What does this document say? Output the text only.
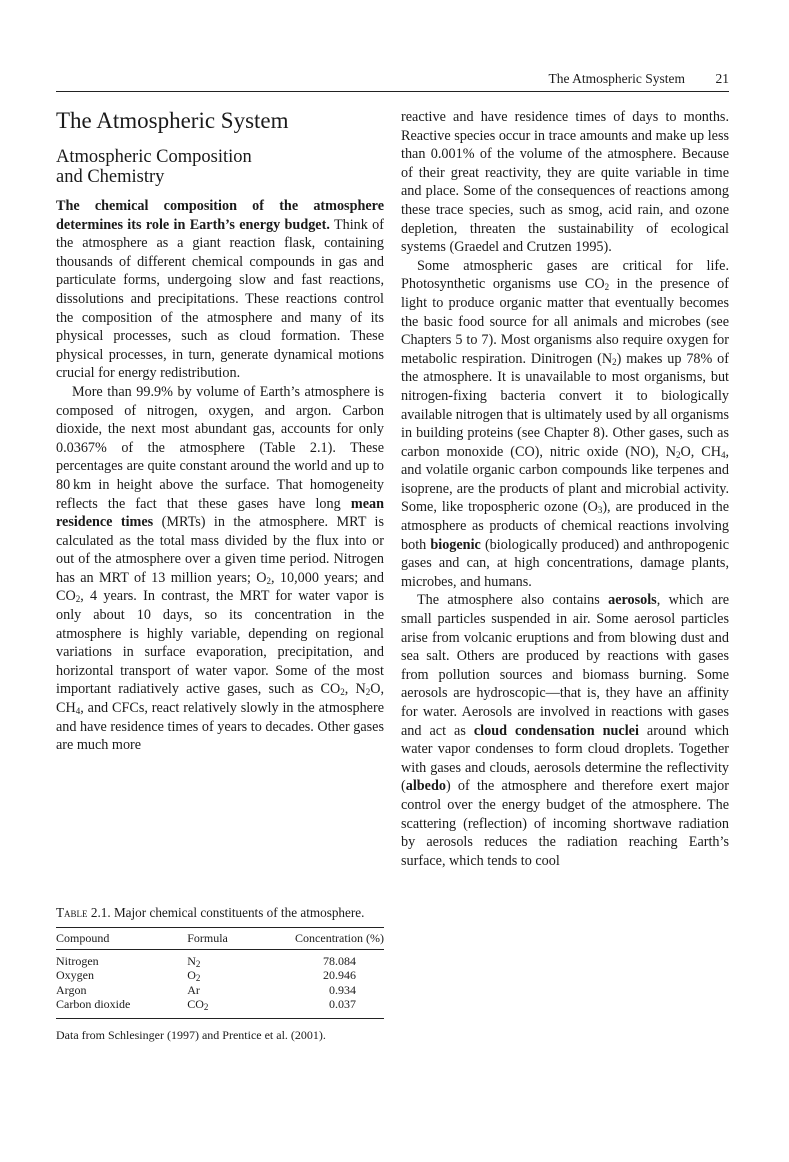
The Atmospheric System 21
The Atmospheric System
Atmospheric Composition
and Chemistry

The chemical composition of the atmosphere determines its role in Earth’s energy budget. Think of the atmosphere as a giant reaction flask, containing thousands of different chemical compounds in gas and particulate forms, undergoing slow and fast reactions, dissolutions and precipitations. These reactions control the composition of the atmosphere and many of its physical processes, such as cloud formation. These physical processes, in turn, generate dynamical motions crucial for energy redistribution.

More than 99.9% by volume of Earth’s atmosphere is composed of nitrogen, oxygen, and argon. Carbon dioxide, the next most abundant gas, accounts for only 0.0367% of the atmosphere (Table 2.1). These percentages are quite constant around the world and up to 80 km in height above the surface. That homogeneity reflects the fact that these gases have long mean residence times (MRTs) in the atmosphere. MRT is calculated as the total mass divided by the flux into or out of the atmosphere over a given time period. Nitrogen has an MRT of 13 million years; $O_2$, 10,000 years; and $CO_2$, 4 years. In contrast, the MRT for water vapor is only about 10 days, so its concentration in the atmosphere is highly variable, depending on regional variations in surface evaporation, precipitation, and horizontal transport of water vapor. Some of the most important radiatively active gases, such as $CO_2$, $N_2O$, $CH_4$, and CFCs, react relatively slowly in the atmosphere and have residence times of years to decades. Other gases are much more

Table 2.1. Major chemical constituents of the atmosphere.
Compound	Formula	Concentration (%)
Nitrogen	$N_2$	78.084
Oxygen	$O_2$	20.946
Argon	Ar	0.934
Carbon dioxide	$CO_2$	0.037
Data from Schlesinger (1997) and Prentice et al. (2001).

reactive and have residence times of days to months. Reactive species occur in trace amounts and make up less than 0.001% of the volume of the atmosphere. Because of their great reactivity, they are quite variable in time and place. Some of the consequences of reactions among these trace species, such as smog, acid rain, and ozone depletion, threaten the sustainability of ecological systems (Graedel and Crutzen 1995).

Some atmospheric gases are critical for life. Photosynthetic organisms use $CO_2$ in the presence of light to produce organic matter that eventually becomes the basic food source for all animals and microbes (see Chapters 5 to 7). Most organisms also require oxygen for metabolic respiration. Dinitrogen $(N_2)$ makes up 78% of the atmosphere. It is unavailable to most organisms, but nitrogen-fixing bacteria convert it to biologically available nitrogen that is ultimately used by all organisms in building proteins (see Chapter 8). Other gases, such as carbon monoxide (CO), nitric oxide (NO), $N_2O$, $CH_4$, and volatile organic carbon compounds like terpenes and isoprene, are the products of plant and microbial activity. Some, like tropospheric ozone $(O_3)$, are produced in the atmosphere as products of chemical reactions involving both biogenic (biologically produced) and anthropogenic gases and can, at high concentrations, damage plants, microbes, and humans.

The atmosphere also contains aerosols, which are small particles suspended in air. Some aerosol particles arise from volcanic eruptions and from blowing dust and sea salt. Others are produced by reactions with gases from pollution sources and biomass burning. Some aerosols are hydroscopic—that is, they have an affinity for water. Aerosols are involved in reactions with gases and act as cloud condensation nuclei around which water vapor condenses to form cloud droplets. Together with gases and clouds, aerosols determine the reflectivity (albedo) of the atmosphere and therefore exert major control over the energy budget of the atmosphere. The scattering (reflection) of incoming shortwave radiation by aerosols reduces the radiation reaching Earth’s surface, which tends to cool
